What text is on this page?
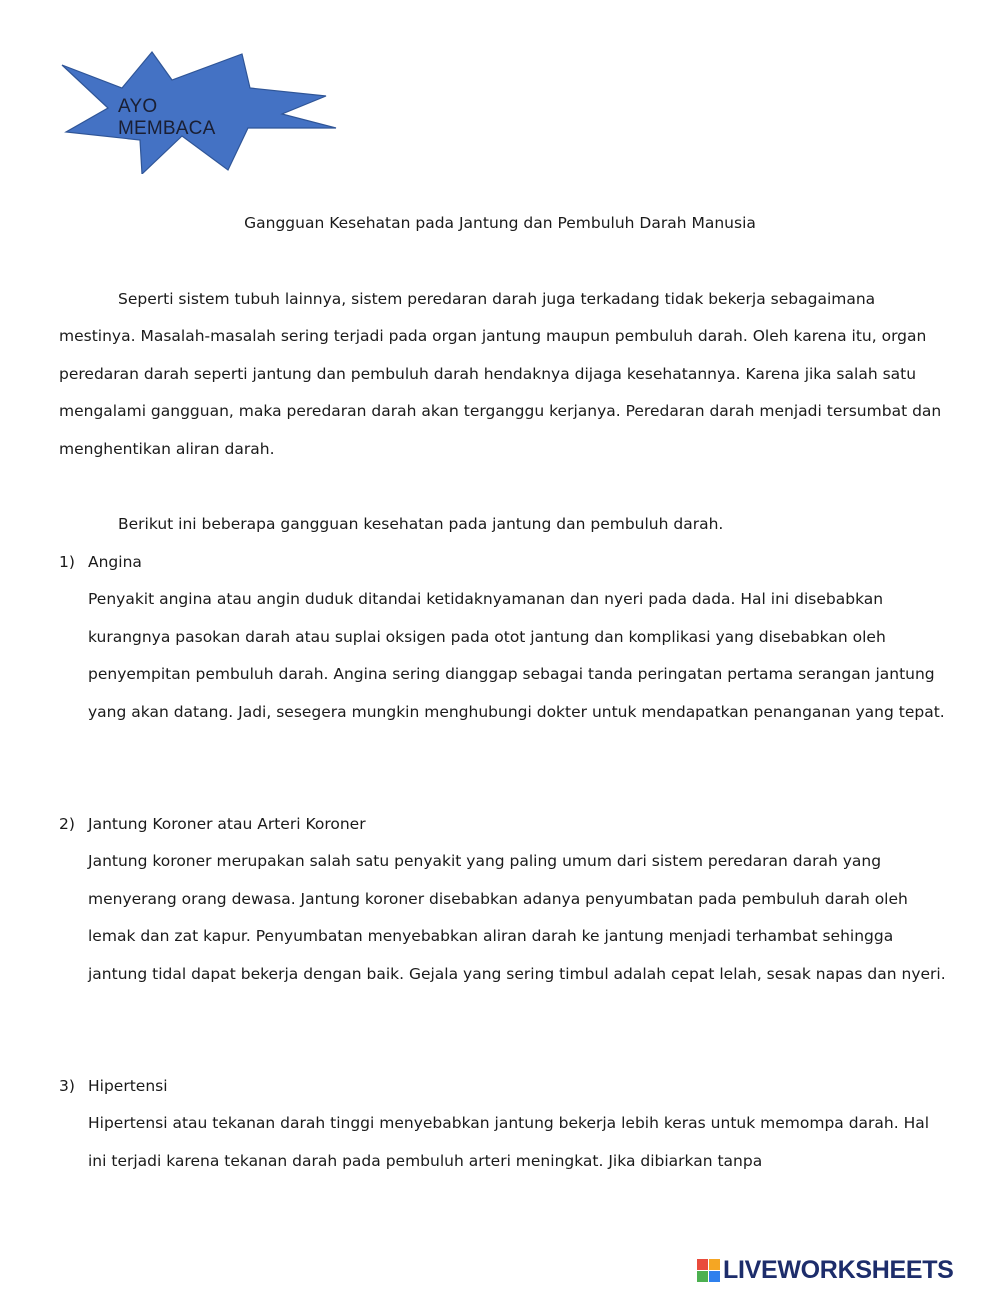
AYO MEMBACA
Gangguan Kesehatan pada Jantung dan Pembuluh Darah Manusia
Seperti sistem tubuh lainnya, sistem peredaran darah juga terkadang tidak bekerja sebagaimana

mestinya. Masalah-masalah sering terjadi pada organ jantung maupun pembuluh darah. Oleh karena itu, organ peredaran darah seperti jantung dan pembuluh darah hendaknya dijaga kesehatannya. Karena jika salah satu mengalami gangguan, maka peredaran darah akan terganggu kerjanya. Peredaran darah menjadi tersumbat dan menghentikan aliran darah.

Berikut ini beberapa gangguan kesehatan pada jantung dan pembuluh darah.
1) Angina

Penyakit angina atau angin duduk ditandai ketidaknyamanan dan nyeri pada dada. Hal ini disebabkan kurangnya pasokan darah atau suplai oksigen pada otot jantung dan komplikasi yang disebabkan oleh penyempitan pembuluh darah. Angina sering dianggap sebagai tanda peringatan pertama serangan jantung yang akan datang. Jadi, sesegera mungkin menghubungi dokter untuk mendapatkan penanganan yang tepat.

2) Jantung Koroner atau Arteri Koroner

Jantung koroner merupakan salah satu penyakit yang paling umum dari sistem peredaran darah yang menyerang orang dewasa. Jantung koroner disebabkan adanya penyumbatan pada pembuluh darah oleh lemak dan zat kapur. Penyumbatan menyebabkan aliran darah ke jantung menjadi terhambat sehingga jantung tidal dapat bekerja dengan baik. Gejala yang sering timbul adalah cepat lelah, sesak napas dan nyeri.

3) Hipertensi

Hipertensi atau tekanan darah tinggi menyebabkan jantung bekerja lebih keras untuk memompa darah. Hal ini terjadi karena tekanan darah pada pembuluh arteri meningkat. Jika dibiarkan tanpa

LIVEWORKSHEETS
